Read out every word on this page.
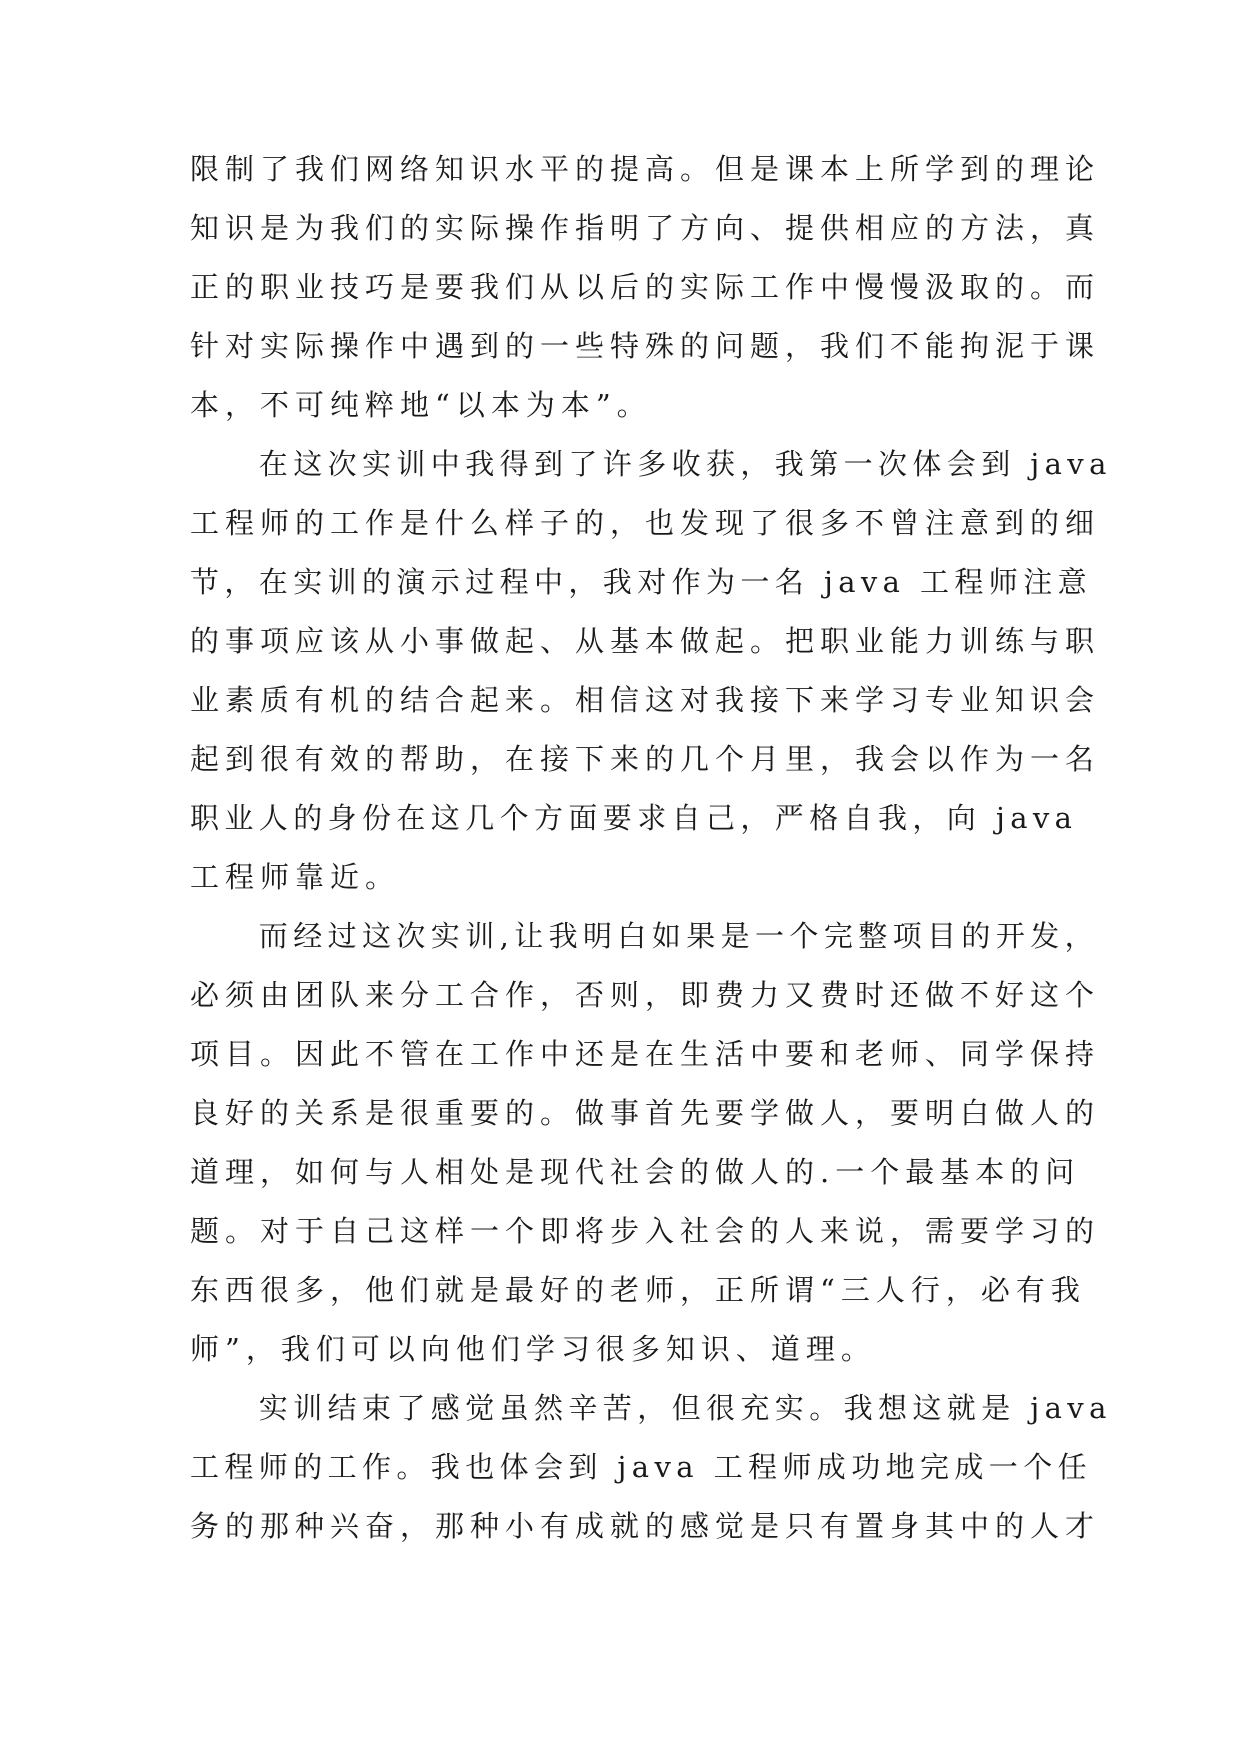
限制了我们网络知识水平的提高。但是课本上所学到的理论
知识是为我们的实际操作指明了方向、提供相应的方法，真
正的职业技巧是要我们从以后的实际工作中慢慢汲取的。而
针对实际操作中遇到的一些特殊的问题，我们不能拘泥于课
本，不可纯粹地“以本为本”。
　　在这次实训中我得到了许多收获，我第一次体会到 java
工程师的工作是什么样子的，也发现了很多不曾注意到的细
节，在实训的演示过程中，我对作为一名 java 工程师注意
的事项应该从小事做起、从基本做起。把职业能力训练与职
业素质有机的结合起来。相信这对我接下来学习专业知识会
起到很有效的帮助，在接下来的几个月里，我会以作为一名
职业人的身份在这几个方面要求自己，严格自我，向 java
工程师靠近。
　　而经过这次实训,让我明白如果是一个完整项目的开发，
必须由团队来分工合作，否则，即费力又费时还做不好这个
项目。因此不管在工作中还是在生活中要和老师、同学保持
良好的关系是很重要的。做事首先要学做人，要明白做人的
道理，如何与人相处是现代社会的做人的.一个最基本的问
题。对于自己这样一个即将步入社会的人来说，需要学习的
东西很多，他们就是最好的老师，正所谓“三人行，必有我
师”，我们可以向他们学习很多知识、道理。
　　实训结束了感觉虽然辛苦，但很充实。我想这就是 java
工程师的工作。我也体会到 java 工程师成功地完成一个任
务的那种兴奋，那种小有成就的感觉是只有置身其中的人才
